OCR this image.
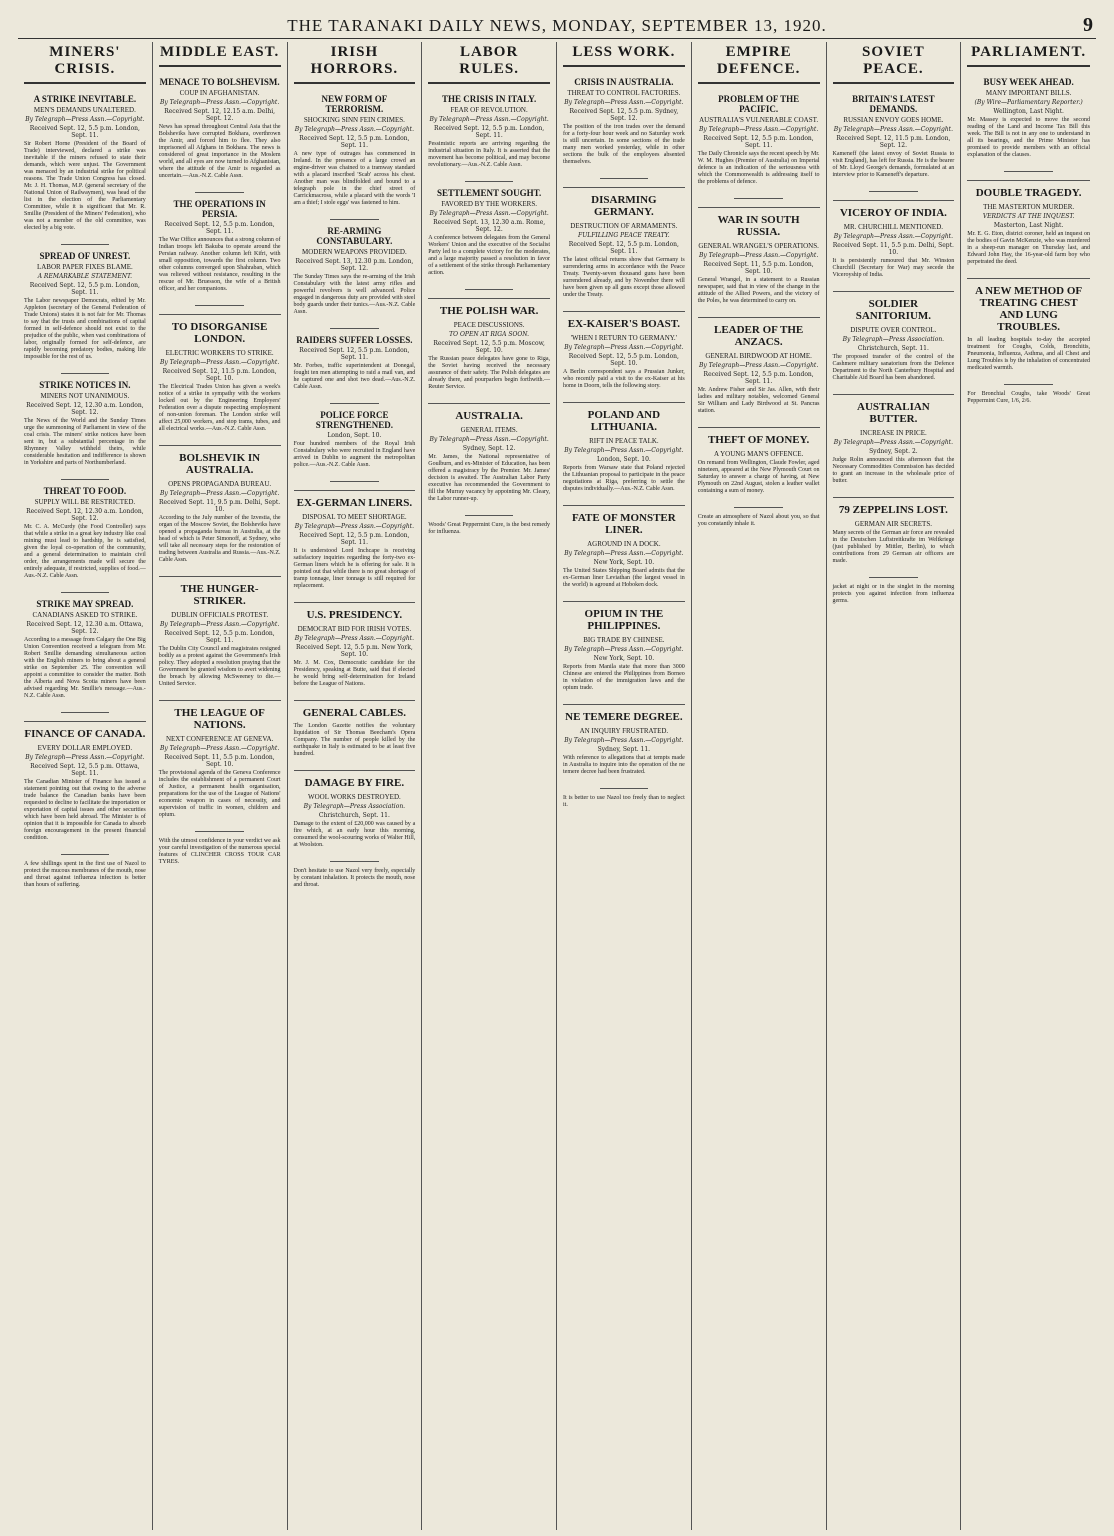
THE TARANAKI DAILY NEWS, MONDAY, SEPTEMBER 13, 1920.	9
MINERS' CRISIS.
A STRIKE INEVITABLE.
MEN'S DEMANDS UNALTERED.
By Telegraph—Press Assn.—Copyright.
Received Sept. 12, 5.5 p.m. London, Sept. 11.
Sir Robert Horne (President of the Board of Trade) interviewed, declared a strike was inevitable if the miners refused to state their demands, which were unjust. The Government was menaced by an industrial strike for political reasons. The Trade Union Congress has closed. Mr. J. H. Thomas, M.P. (general secretary of the National Union of Railwaymen), was head of the list in the election of the Parliamentary Committee, while it is significant that Mr. R. Smillie (President of the Miners' Federation), who was not a member of the old committee, was elected by a big vote.
SPREAD OF UNREST.
LABOR PAPER FIXES BLAME.
A REMARKABLE STATEMENT.
Received Sept. 12, 5.5 p.m. London, Sept. 11.
The Labor newspaper Democrats, edited by Mr. Appleton (secretary of the General Federation of Trade Unions) states it is not fair for Mr. Thomas to say that the trusts and combinations of capital formed in self-defence should not exist to the prejudice of the public, when vast combinations of labor, originally formed for self-defence, are rapidly becoming predatory bodies, making life impossible for the rest of us.
STRIKE NOTICES IN.
MINERS NOT UNANIMOUS.
Received Sept. 12, 12.30 a.m. London, Sept. 12.
The News of the World and the Sunday Times urge the summoning of Parliament in view of the coal crisis. The miners' strike notices have been sent in, but a substantial percentage in the Rhymney Valley withheld theirs, while considerable hesitation and indifference is shown in Yorkshire and parts of Northumberland.
THREAT TO FOOD.
SUPPLY WILL BE RESTRICTED.
Received Sept. 12, 12.30 a.m. London, Sept. 12.
Mr. C. A. McCurdy (the Food Controller) says that while a strike in a great key industry like coal mining must lead to hardship, he is satisfied, given the loyal co-operation of the community, and a general determination to maintain civil order, the arrangements made will secure the entirely adequate, if restricted, supplies of food.—Aus.-N.Z. Cable Assn.
STRIKE MAY SPREAD.
CANADIANS ASKED TO STRIKE.
Received Sept. 12, 12.30 a.m. Ottawa, Sept. 12.
According to a message from Calgary the One Big Union Convention received a telegram from Mr. Robert Smillie demanding simultaneous action with the English miners to bring about a general strike on September 25. The convention will appoint a committee to consider the matter. Both the Alberta and Nova Scotia miners have been advised regarding Mr. Smillie's message.—Aus.-N.Z. Cable Assn.
FINANCE OF CANADA.
EVERY DOLLAR EMPLOYED.
By Telegraph—Press Assn.—Copyright.
Received Sept. 12, 5.5 p.m. Ottawa, Sept. 11.
The Canadian Minister of Finance has issued a statement pointing out that owing to the adverse trade balance the Canadian banks have been requested to decline to facilitate the importation or exportation of capital issues and other securities which have been held abroad. The Minister is of opinion that it is impossible for Canada to absorb foreign encouragement in the present financial condition.
A few shillings spent in the first use of Nazol to protect the mucous membranes of the mouth, nose and throat against influenza infection is better than hours of suffering.
MIDDLE EAST.
MENACE TO BOLSHEVISM.
COUP IN AFGHANISTAN.
By Telegraph—Press Assn.—Copyright.
Received Sept. 12, 12.15 a.m. Delhi, Sept. 12.
News has spread throughout Central Asia that the Bolsheviks have corrupted Bokhara, overthrown the Amir, and forced him to flee. They also imprisoned all Afghans in Bokhara. The news is considered of great importance in the Moslem world, and all eyes are now turned to Afghanistan, where the attitude of the Amir is regarded as uncertain.—Aus.-N.Z. Cable Assn.
THE OPERATIONS IN PERSIA.
Received Sept. 12, 5.5 p.m. London, Sept. 11.
The War Office announces that a strong column of Indian troops left Bakuba to operate around the Persian railway. Another column left Kifri, with small opposition, towards the first column. Two other columns converged upon Shahraban, which was relieved without resistance, resulting in the rescue of Mr. Bruesson, the wife of a British officer, and her companions.
TO DISORGANISE LONDON.
ELECTRIC WORKERS TO STRIKE.
By Telegraph—Press Assn.—Copyright.
Received Sept. 12, 11.5 p.m. London, Sept. 10.
The Electrical Trades Union has given a week's notice of a strike in sympathy with the workers locked out by the Engineering Employers' Federation over a dispute respecting employment of non-union foreman. The London strike will affect 25,000 workers, and stop trams, tubes, and all electrical works.—Aus.-N.Z. Cable Assn.
BOLSHEVIK IN AUSTRALIA.
OPENS PROPAGANDA BUREAU.
By Telegraph—Press Assn.—Copyright.
Received Sept. 11, 9.5 p.m. Delhi, Sept. 10.
According to the July number of the Izvestia, the organ of the Moscow Soviet, the Bolsheviks have opened a propaganda bureau in Australia, at the head of which is Peter Simonoff, at Sydney, who will take all necessary steps for the restoration of trading between Australia and Russia.—Aus.-N.Z. Cable Assn.
THE HUNGER-STRIKER.
DUBLIN OFFICIALS PROTEST.
By Telegraph—Press Assn.—Copyright.
Received Sept. 12, 5.5 p.m. London, Sept. 11.
The Dublin City Council and magistrates resigned bodily as a protest against the Government's Irish policy. They adopted a resolution praying that the Government be granted wisdom to avert widening the breach by allowing McSweeney to die.—United Service.
THE LEAGUE OF NATIONS.
NEXT CONFERENCE AT GENEVA.
By Telegraph—Press Assn.—Copyright.
Received Sept. 11, 5.5 p.m. London, Sept. 10.
The provisional agenda of the Geneva Conference includes the establishment of a permanent Court of Justice, a permanent health organisation, preparations for the use of the League of Nations' economic weapon in cases of necessity, and supervision of traffic in women, children and opium.
With the utmost confidence in your verdict we ask your careful investigation of the numerous special features of CLINCHER CROSS TOUR CAR TYRES.
IRISH HORRORS.
NEW FORM OF TERRORISM.
SHOCKING SINN FEIN CRIMES.
By Telegraph—Press Assn.—Copyright.
Received Sept. 12, 5.5 p.m. London, Sept. 11.
A new type of outrages has commenced in Ireland. In the presence of a large crowd an engine-driver was chained to a tramway standard with a placard inscribed 'Scab' across his chest. Another man was blindfolded and bound to a telegraph pole in the chief street of Carrickmacross, while a placard with the words 'I am a thief; I stole eggs' was fastened to him.
RE-ARMING CONSTABULARY.
MODERN WEAPONS PROVIDED.
Received Sept. 13, 12.30 p.m. London, Sept. 12.
The Sunday Times says the re-arming of the Irish Constabulary with the latest army rifles and powerful revolvers is well advanced. Police engaged in dangerous duty are provided with steel body guards under their tunics.—Aus.-N.Z. Cable Assn.
RAIDERS SUFFER LOSSES.
Received Sept. 12, 5.5 p.m. London, Sept. 11.
Mr. Forbes, traffic superintendent at Donegal, fought ten men attempting to raid a mail van, and he captured one and shot two dead.—Aus.-N.Z. Cable Assn.
POLICE FORCE STRENGTHENED.
London, Sept. 10.
Four hundred members of the Royal Irish Constabulary who were recruited in England have arrived in Dublin to augment the metropolitan police.—Aus.-N.Z. Cable Assn.
EX-GERMAN LINERS.
DISPOSAL TO MEET SHORTAGE.
By Telegraph—Press Assn.—Copyright.
Received Sept. 12, 5.5 p.m. London, Sept. 11.
It is understood Lord Inchcape is receiving satisfactory inquiries regarding the forty-two ex-German liners which he is offering for sale. It is pointed out that while there is no great shortage of tramp tonnage, liner tonnage is still required for replacement.
U.S. PRESIDENCY.
DEMOCRAT BID FOR IRISH VOTES.
By Telegraph—Press Assn.—Copyright.
Received Sept. 12, 5.5 p.m. New York, Sept. 10.
Mr. J. M. Cox, Democratic candidate for the Presidency, speaking at Butte, said that if elected he would bring self-determination for Ireland before the League of Nations.
GENERAL CABLES.
The London Gazette notifies the voluntary liquidation of Sir Thomas Beecham's Opera Company. The number of people killed by the earthquake in Italy is estimated to be at least five hundred.
DAMAGE BY FIRE.
WOOL WORKS DESTROYED.
By Telegraph—Press Association.
Christchurch, Sept. 11.
Damage to the extent of £20,000 was caused by a fire which, at an early hour this morning, consumed the wool-scouring works of Walter Hill, at Woolston.
Don't hesitate to use Nazol very freely, especially by constant inhalation. It protects the mouth, nose and throat.
LABOR RULES.
THE CRISIS IN ITALY.
FEAR OF REVOLUTION.
By Telegraph—Press Assn.—Copyright.
Received Sept. 12, 5.5 p.m. London, Sept. 11.
Pessimistic reports are arriving regarding the industrial situation in Italy. It is asserted that the movement has become political, and may become revolutionary.—Aus.-N.Z. Cable Assn.
SETTLEMENT SOUGHT.
FAVORED BY THE WORKERS.
By Telegraph—Press Assn.—Copyright.
Received Sept. 13, 12.30 a.m. Rome, Sept. 12.
A conference between delegates from the General Workers' Union and the executive of the Socialist Party led to a complete victory for the moderates, and a large majority passed a resolution in favor of a settlement of the strike through Parliamentary action.
THE POLISH WAR.
PEACE DISCUSSIONS.
TO OPEN AT RIGA SOON.
Received Sept. 12, 5.5 p.m. Moscow, Sept. 10.
The Russian peace delegates have gone to Riga, the Soviet having received the necessary assurance of their safety. The Polish delegates are already there, and pourparlers begin forthwith.—Reuter Service.
AUSTRALIA.
GENERAL ITEMS.
By Telegraph—Press Assn.—Copyright.
Sydney, Sept. 12.
Mr. James, the National representative of Goulburn, and ex-Minister of Education, has been offered a magistracy by the Premier. Mr. James' decision is awaited. The Australian Labor Party executive has recommended the Government to fill the Murray vacancy by appointing Mr. Cleary, the Labor runner-up.
Woods' Great Peppermint Cure, is the best remedy for influenza.
LESS WORK.
CRISIS IN AUSTRALIA.
THREAT TO CONTROL FACTORIES.
By Telegraph—Press Assn.—Copyright.
Received Sept. 12, 5.5 p.m. Sydney, Sept. 12.
The position of the iron trades over the demand for a forty-four hour week and no Saturday work is still uncertain. In some sections of the trade many men worked yesterday, while in other sections the bulk of the employees absented themselves.
DISARMING GERMANY.
DESTRUCTION OF ARMAMENTS.
FULFILLING PEACE TREATY.
Received Sept. 12, 5.5 p.m. London, Sept. 11.
The latest official returns show that Germany is surrendering arms in accordance with the Peace Treaty. Twenty-seven thousand guns have been surrendered already, and by November there will have been given up all guns except those allowed under the Treaty.
EX-KAISER'S BOAST.
'WHEN I RETURN TO GERMANY.'
By Telegraph—Press Assn.—Copyright.
Received Sept. 12, 5.5 p.m. London, Sept. 10.
A Berlin correspondent says a Prussian Junker, who recently paid a visit to the ex-Kaiser at his home in Doorn, tells the following story.
POLAND AND LITHUANIA.
RIFT IN PEACE TALK.
By Telegraph—Press Assn.—Copyright.
London, Sept. 10.
Reports from Warsaw state that Poland rejected the Lithuanian proposal to participate in the peace negotiations at Riga, preferring to settle the disputes individually.—Aus.-N.Z. Cable Assn.
FATE OF MONSTER LINER.
AGROUND IN A DOCK.
By Telegraph—Press Assn.—Copyright.
New York, Sept. 10.
The United States Shipping Board admits that the ex-German liner Leviathan (the largest vessel in the world) is aground at Hoboken dock.
OPIUM IN THE PHILIPPINES.
BIG TRADE BY CHINESE.
By Telegraph—Press Assn.—Copyright.
New York, Sept. 10.
Reports from Manila state that more than 3000 Chinese are entered the Philippines from Borneo in violation of the immigration laws and the opium trade.
NE TEMERE DEGREE.
AN INQUIRY FRUSTRATED.
By Telegraph—Press Assn.—Copyright.
Sydney, Sept. 11.
With reference to allegations that at tempts made in Australia to inquire into the operation of the ne temere decree had been frustrated.
It is better to use Nazol too freely than to neglect it.
EMPIRE DEFENCE.
PROBLEM OF THE PACIFIC.
AUSTRALIA'S VULNERABLE COAST.
By Telegraph—Press Assn.—Copyright.
Received Sept. 12, 5.5 p.m. London, Sept. 11.
The Daily Chronicle says the recent speech by Mr. W. M. Hughes (Premier of Australia) on Imperial defence is an indication of the seriousness with which the Commonwealth is addressing itself to the problems of defence.
WAR IN SOUTH RUSSIA.
GENERAL WRANGEL'S OPERATIONS.
By Telegraph—Press Assn.—Copyright.
Received Sept. 11, 5.5 p.m. London, Sept. 10.
General Wrangel, in a statement to a Russian newspaper, said that in view of the change in the attitude of the Allied Powers, and the victory of the Poles, he was determined to carry on.
LEADER OF THE ANZACS.
GENERAL BIRDWOOD AT HOME.
By Telegraph—Press Assn.—Copyright.
Received Sept. 12, 5.5 p.m. London, Sept. 11.
Mr. Andrew Fisher and Sir Jas. Allen, with their ladies and military notables, welcomed General Sir William and Lady Birdwood at St. Pancras station.
THEFT OF MONEY.
A YOUNG MAN'S OFFENCE.
On remand from Wellington, Claude Fowler, aged nineteen, appeared at the New Plymouth Court on Saturday to answer a charge of having, at New Plymouth on 22nd August, stolen a leather wallet containing a sum of money.
Create an atmosphere of Nazol about you, so that you constantly inhale it.
SOVIET PEACE.
BRITAIN'S LATEST DEMANDS.
RUSSIAN ENVOY GOES HOME.
By Telegraph—Press Assn.—Copyright.
Received Sept. 12, 11.5 p.m. London, Sept. 12.
Kameneff (the latest envoy of Soviet Russia to visit England), has left for Russia. He is the bearer of Mr. Lloyd George's demands, formulated at an interview prior to Kameneff's departure.
VICEROY OF INDIA.
MR. CHURCHILL MENTIONED.
By Telegraph—Press Assn.—Copyright.
Received Sept. 11, 5.5 p.m. Delhi, Sept. 10.
It is persistently rumoured that Mr. Winston Churchill (Secretary for War) may secede the Viceroyship of India.
SOLDIER SANITORIUM.
DISPUTE OVER CONTROL.
By Telegraph—Press Association.
Christchurch, Sept. 11.
The proposed transfer of the control of the Cashmere military sanatorium from the Defence Department to the North Canterbury Hospital and Charitable Aid Board has been abandoned.
AUSTRALIAN BUTTER.
INCREASE IN PRICE.
By Telegraph—Press Assn.—Copyright.
Sydney, Sept. 2.
Judge Rolin announced this afternoon that the Necessary Commodities Commission has decided to grant an increase in the wholesale price of butter.
79 ZEPPELINS LOST.
GERMAN AIR SECRETS.
Many secrets of the German air force are revealed in the Deutschen Luftstreitkrafte im Weltkriege (just published by Mittler, Berlin), to which contributions from 29 German air officers are made.
jacket at night or in the singlet in the morning protects you against infection from influenza germs.
PARLIAMENT.
BUSY WEEK AHEAD.
MANY IMPORTANT BILLS.
(By Wire—Parliamentary Reporter.)
Wellington, Last Night.
Mr. Massey is expected to move the second reading of the Land and Income Tax Bill this week. The Bill is not in any one to understand in all its bearings, and the Prime Minister has promised to provide members with an official explanation of the clauses.
DOUBLE TRAGEDY.
THE MASTERTON MURDER.
VERDICTS AT THE INQUEST.
Masterton, Last Night.
Mr. E. G. Eton, district coroner, held an inquest on the bodies of Gavin McKenzie, who was murdered in a sheep-run manager on Thursday last, and Edward John Hay, the 16-year-old farm boy who perpetrated the deed.
A NEW METHOD OF TREATING CHEST AND LUNG TROUBLES.
In all leading hospitals to-day the accepted treatment for Coughs, Colds, Bronchitis, Pneumonia, Influenza, Asthma, and all Chest and Lung Troubles is by the inhalation of concentrated medicated warmth.
For Bronchial Coughs, take Woods' Great Peppermint Cure, 1/6, 2/6.
